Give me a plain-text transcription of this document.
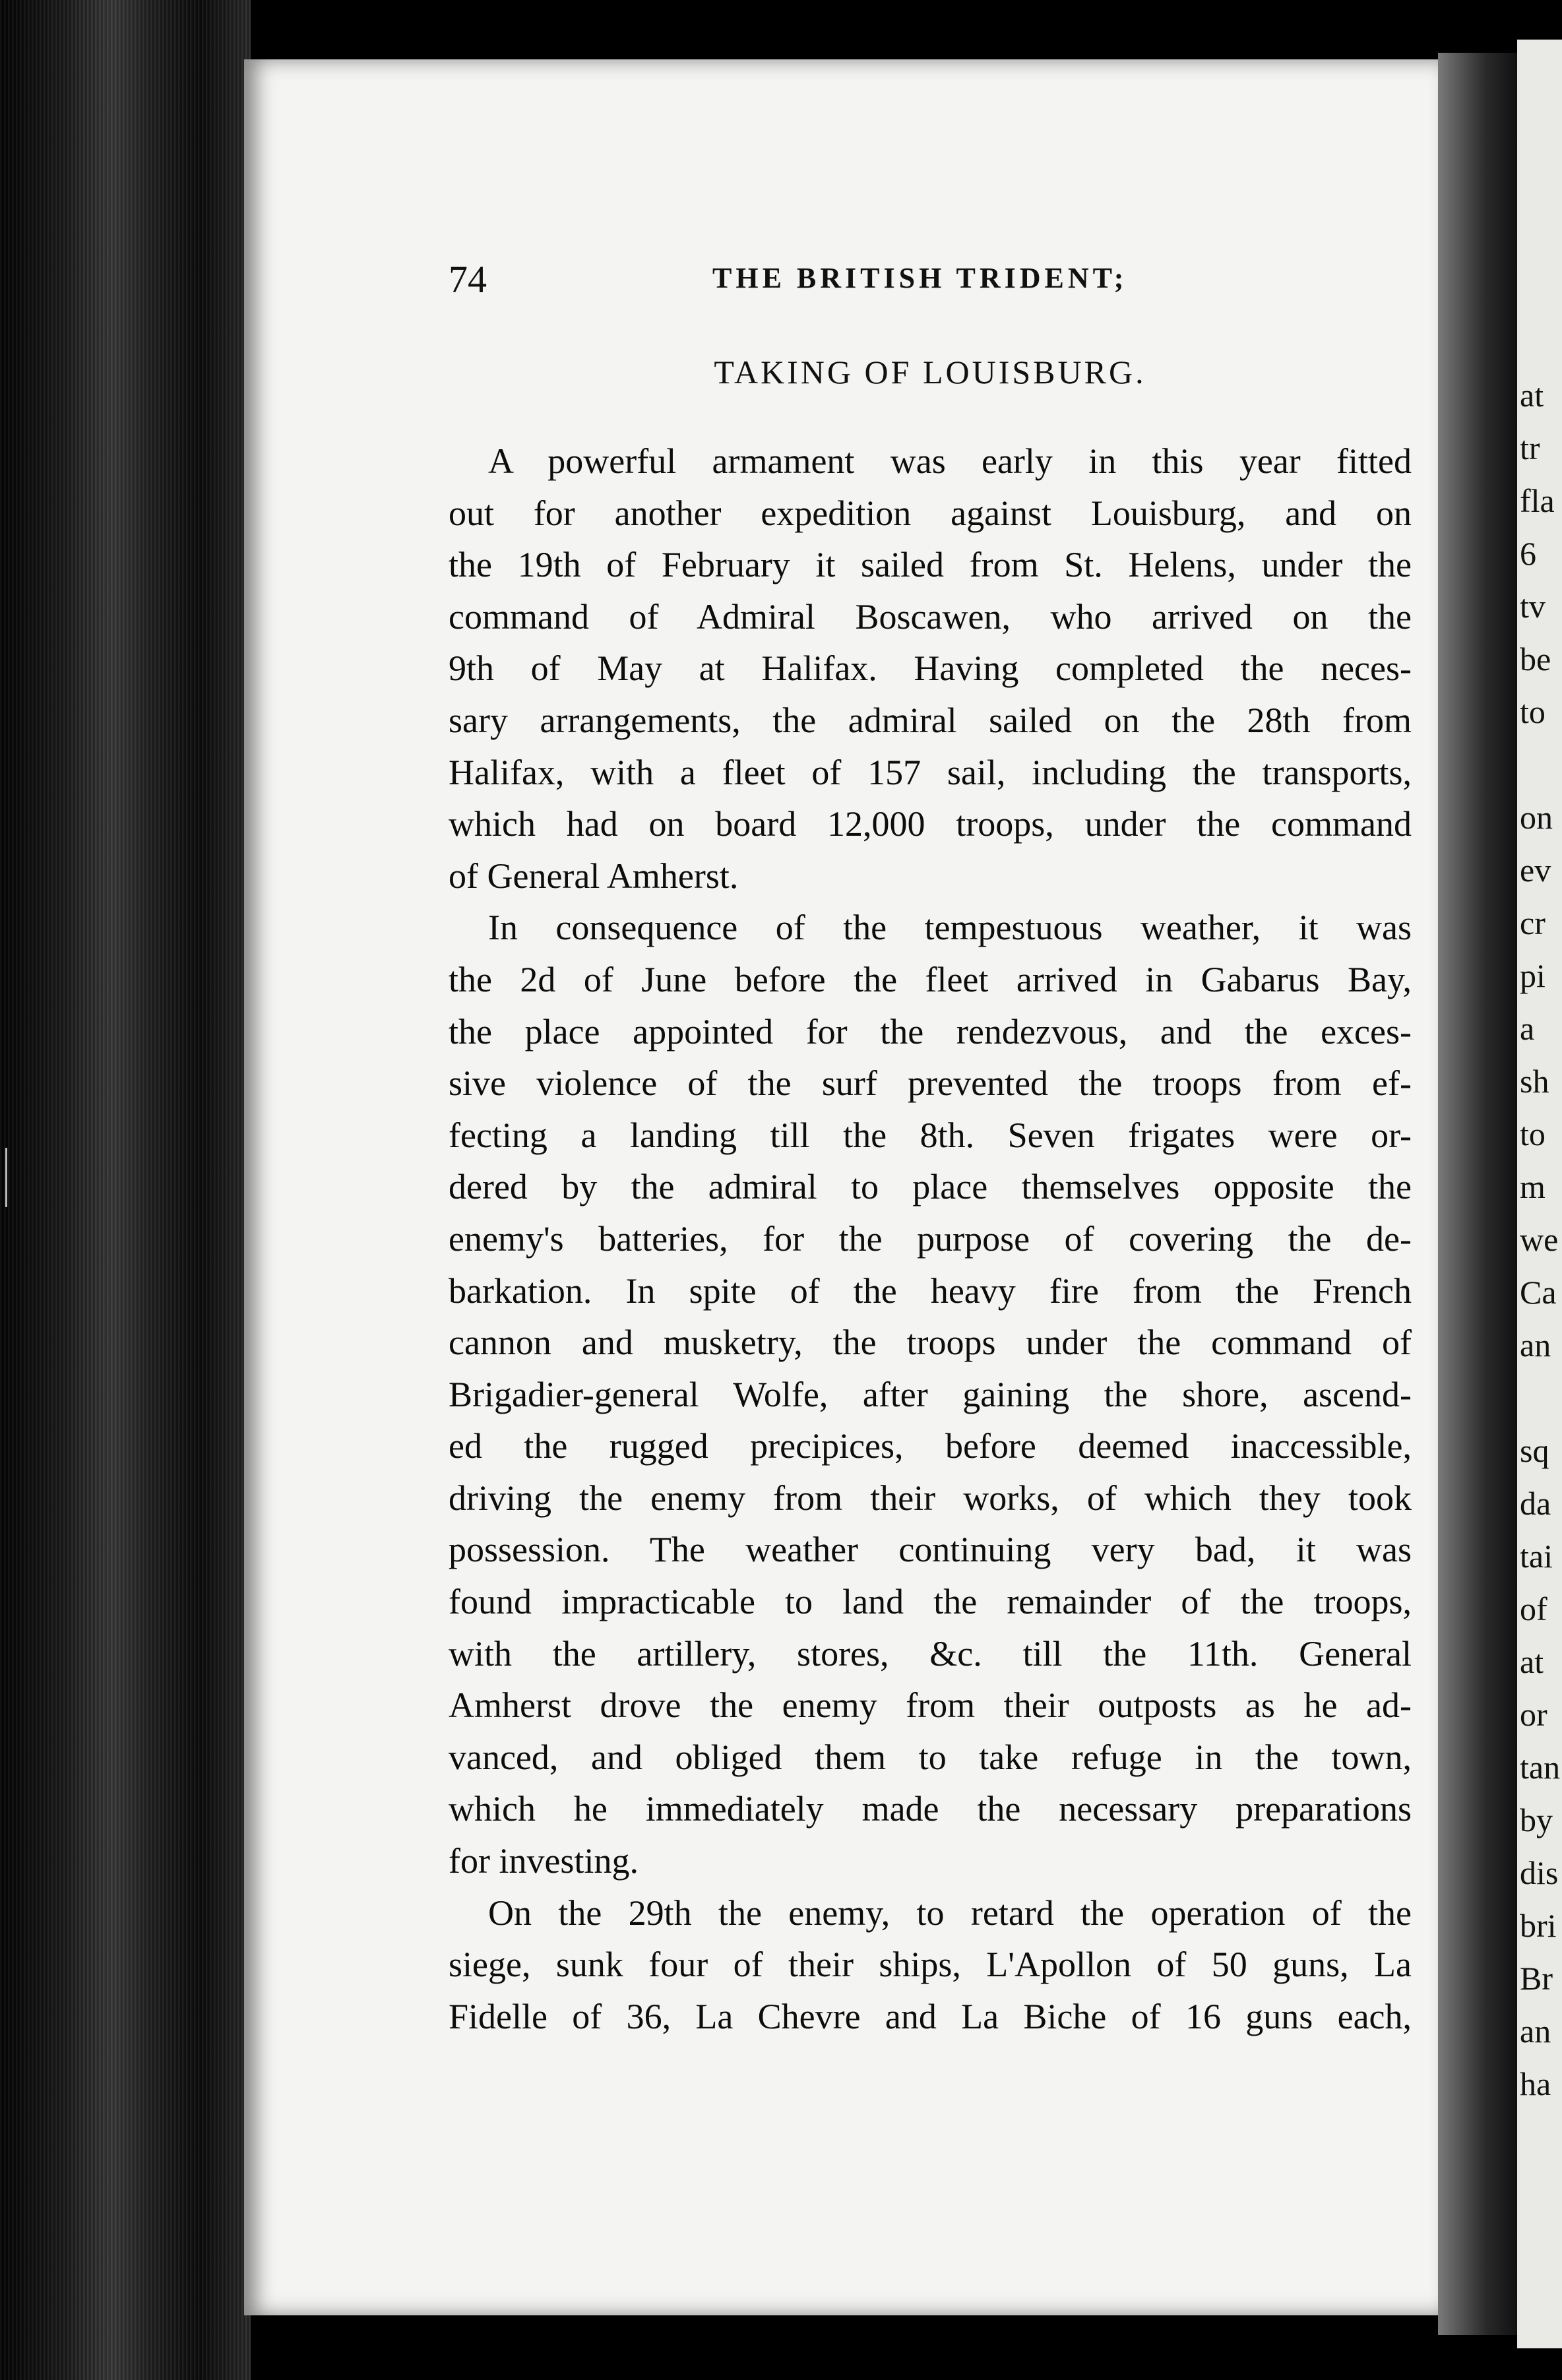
at
tr
fla
6
tv
be
to
on
ev
cr
pi
a
sh
to
m
we
Ca
an
sq
da
tai
of
at
or
tan
by
dis
bri
Br
an
ha
74	THE BRITISH TRIDENT;
TAKING OF LOUISBURG.
A powerful armament was early in this year fitted
out for another expedition against Louisburg, and on
the 19th of February it sailed from St. Helens, under the
command of Admiral Boscawen, who arrived on the
9th of May at Halifax. Having completed the neces-
sary arrangements, the admiral sailed on the 28th from
Halifax, with a fleet of 157 sail, including the transports,
which had on board 12,000 troops, under the command
of General Amherst.
In consequence of the tempestuous weather, it was
the 2d of June before the fleet arrived in Gabarus Bay,
the place appointed for the rendezvous, and the exces-
sive violence of the surf prevented the troops from ef-
fecting a landing till the 8th. Seven frigates were or-
dered by the admiral to place themselves opposite the
enemy's batteries, for the purpose of covering the de-
barkation. In spite of the heavy fire from the French
cannon and musketry, the troops under the command of
Brigadier-general Wolfe, after gaining the shore, ascend-
ed the rugged precipices, before deemed inaccessible,
driving the enemy from their works, of which they took
possession. The weather continuing very bad, it was
found impracticable to land the remainder of the troops,
with the artillery, stores, &c. till the 11th. General
Amherst drove the enemy from their outposts as he ad-
vanced, and obliged them to take refuge in the town,
which he immediately made the necessary preparations
for investing.
On the 29th the enemy, to retard the operation of the
siege, sunk four of their ships, L'Apollon of 50 guns, La
Fidelle of 36, La Chevre and La Biche of 16 guns each,
